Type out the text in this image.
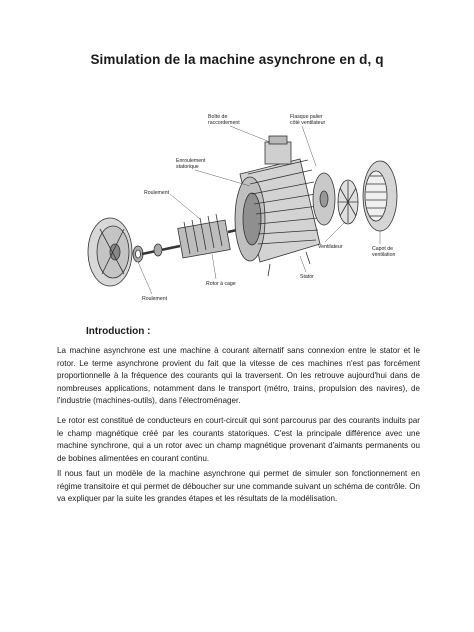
Simulation de la machine asynchrone en d, q
Boîte de raccordement
Flasque palier côté ventilateur
Enroulement statorique
Roulement
Ventilateur	Capot de ventilation
Stator
Rotor à cage
Roulement
Introduction :
La machine asynchrone est une machine à courant alternatif sans connexion entre le stator et le rotor. Le terme asynchrone provient du fait que la vitesse de ces machines n'est pas forcément proportionnelle à la fréquence des courants qui la traversent. On les retrouve aujourd'hui dans de nombreuses applications, notamment dans le transport (métro, trains, propulsion des navires), de l'industrie (machines-outils), dans l'électroménager.
Le rotor est constitué de conducteurs en court-circuit qui sont parcourus par des courants induits par le champ magnétique créé par les courants statoriques. C'est la principale différence avec une machine synchrone, qui a un rotor avec un champ magnétique provenant d'aimants permanents ou de bobines alimentées en courant continu.
Il nous faut un modèle de la machine asynchrone qui permet de simuler son fonctionnement en régime transitoire et qui permet de déboucher sur une commande suivant un schéma de contrôle. On va expliquer par la suite les grandes étapes et les résultats de la modélisation.
